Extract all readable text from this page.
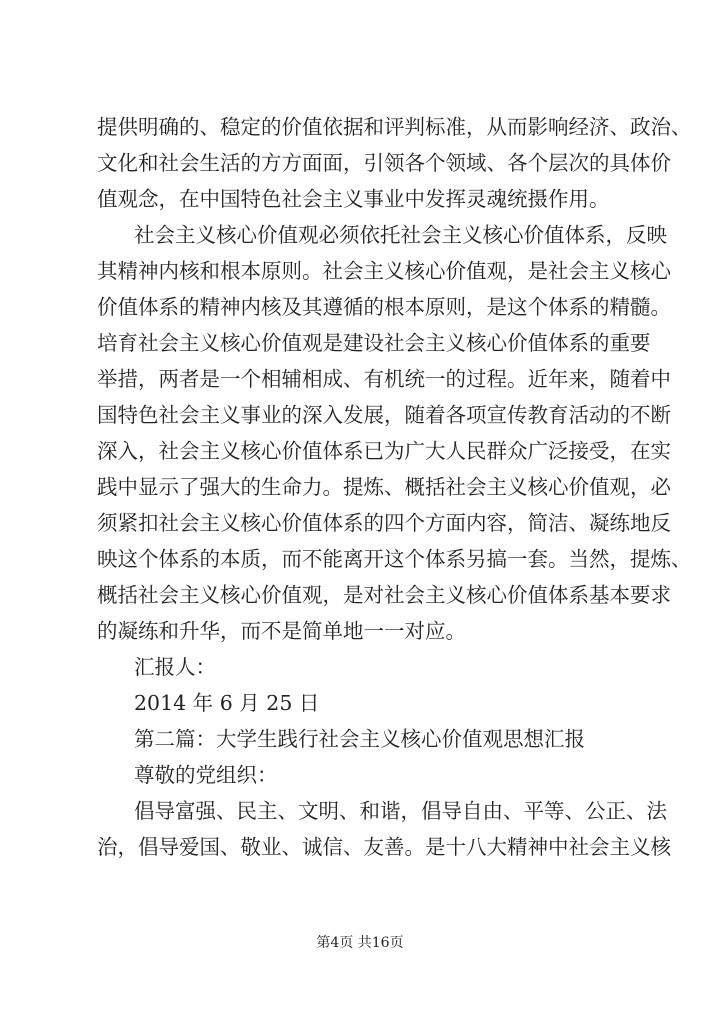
提供明确的、稳定的价值依据和评判标准，从而影响经济、政治、
文化和社会生活的方方面面，引领各个领域、各个层次的具体价
值观念，在中国特色社会主义事业中发挥灵魂统摄作用。
社会主义核心价值观必须依托社会主义核心价值体系，反映
其精神内核和根本原则。社会主义核心价值观，是社会主义核心
价值体系的精神内核及其遵循的根本原则，是这个体系的精髓。
培育社会主义核心价值观是建设社会主义核心价值体系的重要
举措，两者是一个相辅相成、有机统一的过程。近年来，随着中
国特色社会主义事业的深入发展，随着各项宣传教育活动的不断
深入，社会主义核心价值体系已为广大人民群众广泛接受，在实
践中显示了强大的生命力。提炼、概括社会主义核心价值观，必
须紧扣社会主义核心价值体系的四个方面内容，简洁、凝练地反
映这个体系的本质，而不能离开这个体系另搞一套。当然，提炼、
概括社会主义核心价值观，是对社会主义核心价值体系基本要求
的凝练和升华，而不是简单地一一对应。
汇报人：
2014 年 6 月 25 日
第二篇：大学生践行社会主义核心价值观思想汇报
尊敬的党组织：
倡导富强、民主、文明、和谐，倡导自由、平等、公正、法
治，倡导爱国、敬业、诚信、友善。是十八大精神中社会主义核
第4页 共16页
